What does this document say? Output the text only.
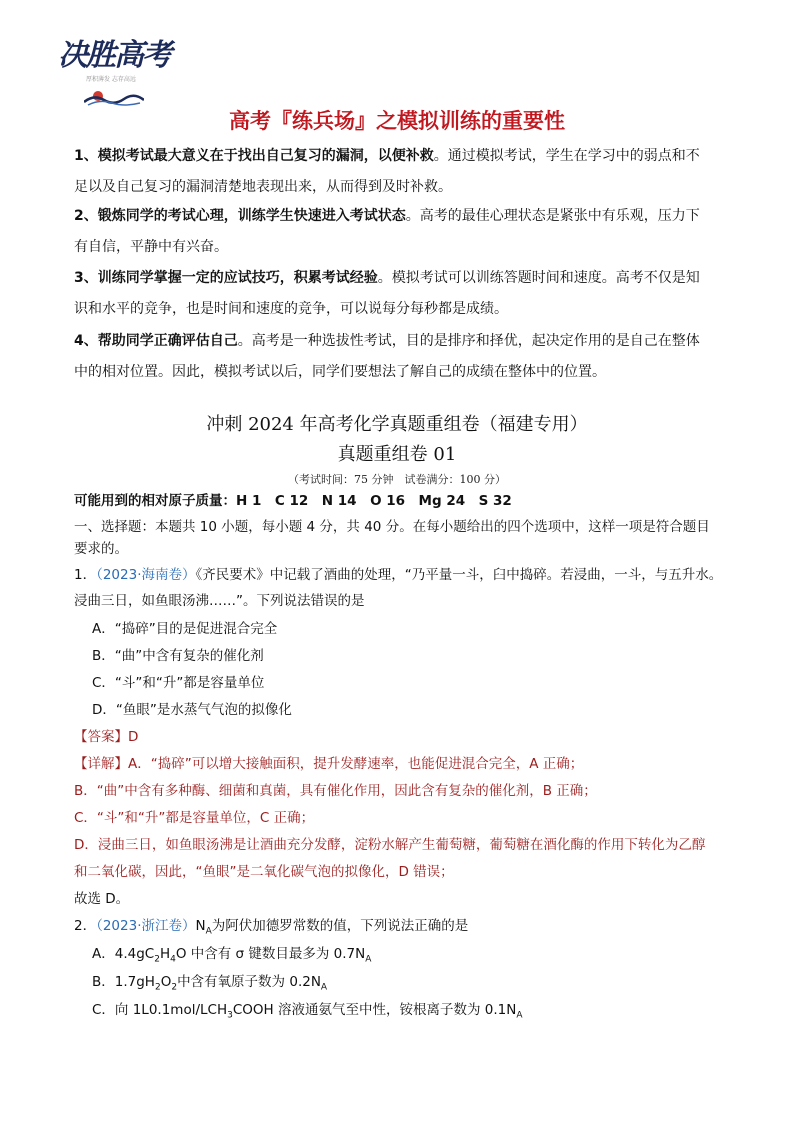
决胜高考
厚积薄发 志存高远
高考『练兵场』之模拟训练的重要性
1、模拟考试最大意义在于找出自己复习的漏洞，以便补救。通过模拟考试，学生在学习中的弱点和不
足以及自己复习的漏洞清楚地表现出来，从而得到及时补救。
2、锻炼同学的考试心理，训练学生快速进入考试状态。高考的最佳心理状态是紧张中有乐观，压力下
有自信，平静中有兴奋。
3、训练同学掌握一定的应试技巧，积累考试经验。模拟考试可以训练答题时间和速度。高考不仅是知
识和水平的竞争，也是时间和速度的竞争，可以说每分每秒都是成绩。
4、帮助同学正确评估自己。高考是一种选拔性考试，目的是排序和择优，起决定作用的是自己在整体
中的相对位置。因此，模拟考试以后，同学们要想法了解自己的成绩在整体中的位置。
冲刺 2024 年高考化学真题重组卷（福建专用）
真题重组卷 01
（考试时间：75 分钟　试卷满分：100 分）
可能用到的相对原子质量：H 1　C 12　N 14　O 16　Mg 24　S 32
一、选择题：本题共 10 小题，每小题 4 分，共 40 分。在每小题给出的四个选项中，这样一项是符合题目
要求的。
1．（2023·海南卷）《齐民要术》中记载了酒曲的处理，“乃平量一斗，臼中捣碎。若浸曲，一斗，与五升水。
浸曲三日，如鱼眼汤沸……”。下列说法错误的是
A．“捣碎”目的是促进混合完全
B．“曲”中含有复杂的催化剂
C．“斗”和“升”都是容量单位
D．“鱼眼”是水蒸气气泡的拟像化
【答案】D
【详解】A．“捣碎”可以增大接触面积，提升发酵速率，也能促进混合完全，A 正确；
B．“曲”中含有多种酶、细菌和真菌，具有催化作用，因此含有复杂的催化剂，B 正确；
C．“斗”和“升”都是容量单位，C 正确；
D．浸曲三日，如鱼眼汤沸是让酒曲充分发酵，淀粉水解产生葡萄糖，葡萄糖在酒化酶的作用下转化为乙醇
和二氧化碳，因此，“鱼眼”是二氧化碳气泡的拟像化，D 错误；
故选 D。
2．（2023·浙江卷）$N_A$为阿伏加德罗常数的值，下列说法正确的是
A．$4.4gC_2H_4O$ 中含有 σ 键数目最多为 $0.7N_A$
B．$1.7gH_2O_2$中含有氧原子数为 $0.2N_A$
C．向 $1L0.1mol/LCH_3COOH$ 溶液通氨气至中性，铵根离子数为 $0.1N_A$
